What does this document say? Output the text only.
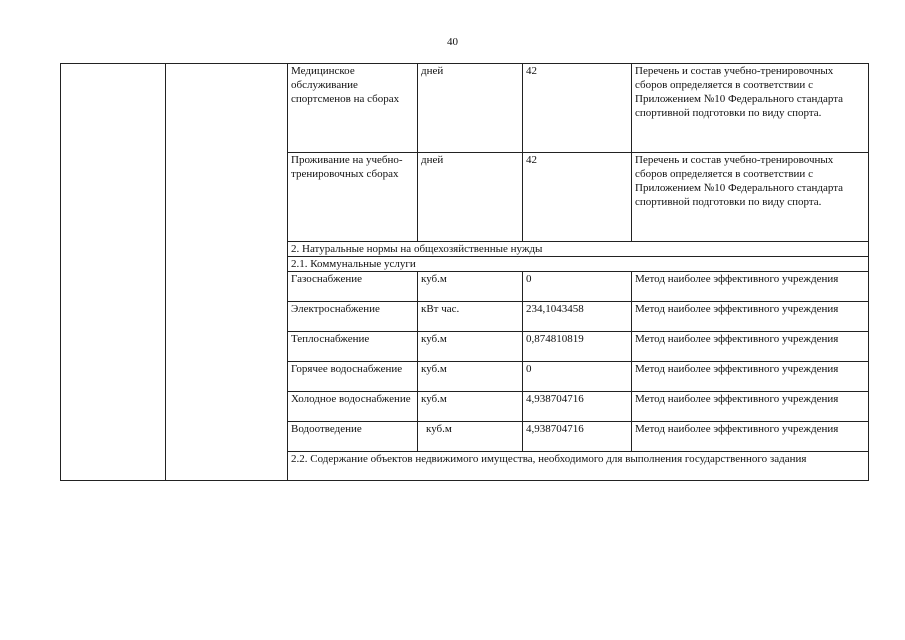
40
		Медицинское обслуживание спортсменов на сборах	дней	42	Перечень и состав учебно-тренировочных сборов определяется в соответствии с Приложением №10 Федерального стандарта спортивной подготовки по виду спорта.
		Проживание на учебно-тренировочных сборах	дней	42	Перечень и состав учебно-тренировочных сборов определяется в соответствии с Приложением №10 Федерального стандарта спортивной подготовки по виду спорта.
		2. Натуральные нормы на общехозяйственные нужды			
		2.1. Коммунальные услуги			
		Газоснабжение	куб.м	0	Метод наиболее эффективного учреждения
		Электроснабжение	кВт час.	234,1043458	Метод наиболее эффективного учреждения
		Теплоснабжение	куб.м	0,874810819	Метод наиболее эффективного учреждения
		Горячее водоснабжение	куб.м	0	Метод наиболее эффективного учреждения
		Холодное водоснабжение	куб.м	4,938704716	Метод наиболее эффективного учреждения
		Водоотведение	куб.м	4,938704716	Метод наиболее эффективного учреждения
		2.2. Содержание объектов недвижимого имущества, необходимого для выполнения государственного задания			
